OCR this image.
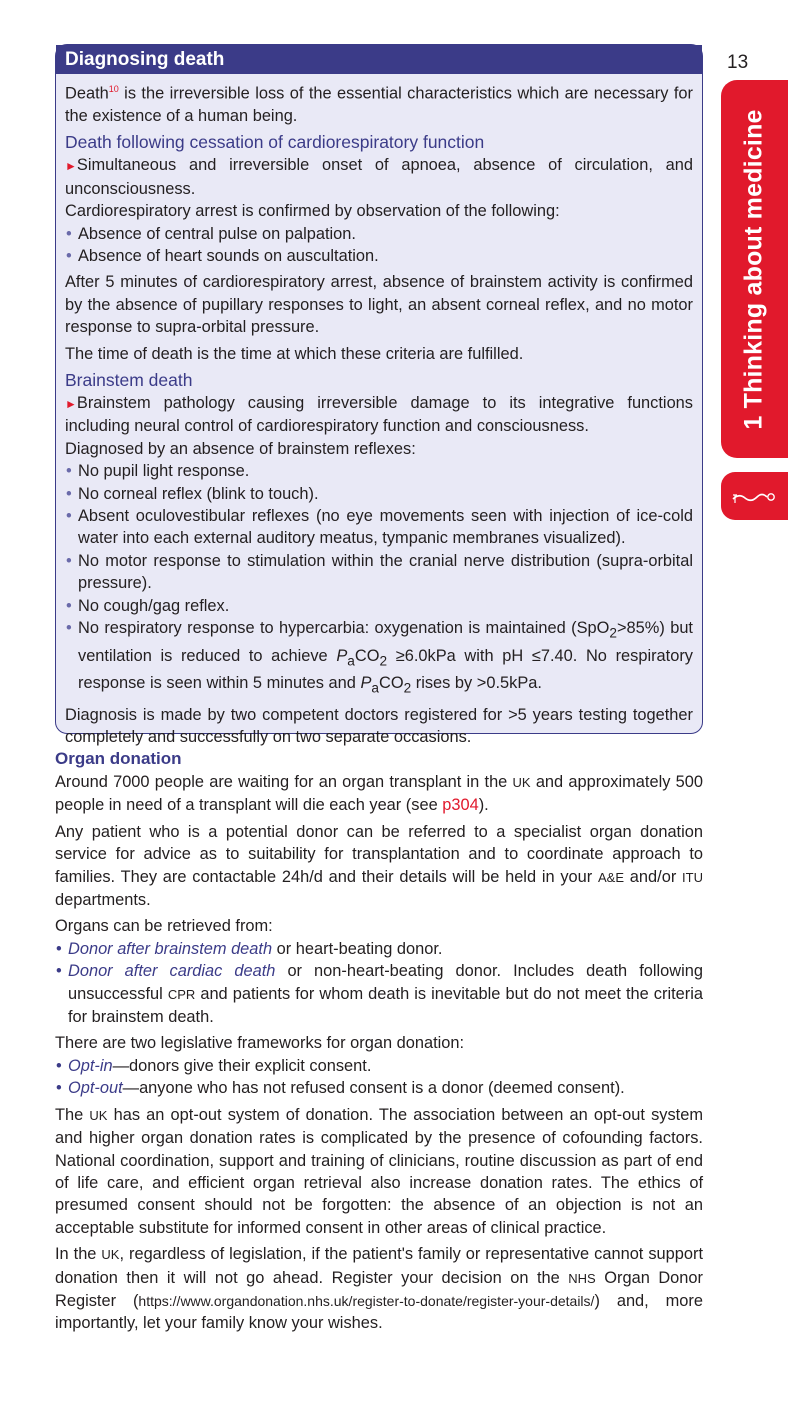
13
1 Thinking about medicine
Diagnosing death

Death$^{10}$ is the irreversible loss of the essential characteristics which are necessary for the existence of a human being.

Death following cessation of cardiorespiratory function

►Simultaneous and irreversible onset of apnoea, absence of circulation, and unconsciousness.

Cardiorespiratory arrest is confirmed by observation of the following:

• Absence of central pulse on palpation.
• Absence of heart sounds on auscultation.

After 5 minutes of cardiorespiratory arrest, absence of brainstem activity is confirmed by the absence of pupillary responses to light, an absent corneal reflex, and no motor response to supra-orbital pressure.

The time of death is the time at which these criteria are fulfilled.

Brainstem death

►Brainstem pathology causing irreversible damage to its integrative functions including neural control of cardiorespiratory function and consciousness.

Diagnosed by an absence of brainstem reflexes:

• No pupil light response.
• No corneal reflex (blink to touch).
• Absent oculovestibular reflexes (no eye movements seen with injection of ice-cold water into each external auditory meatus, tympanic membranes visualized).
• No motor response to stimulation within the cranial nerve distribution (supra-orbital pressure).
• No cough/gag reflex.
• No respiratory response to hypercarbia: oxygenation is maintained (SpO$_2$>85%) but ventilation is reduced to achieve $P_aCO_2 \ge 6.0kPa$ with pH ≤7.40. No respiratory response is seen within 5 minutes and $P_aCO_2$ rises by >0.5kPa.

Diagnosis is made by two competent doctors registered for >5 years testing together completely and successfully on two separate occasions.

Organ donation

Around 7000 people are waiting for an organ transplant in the UK and approximately 500 people in need of a transplant will die each year (see p304).

Any patient who is a potential donor can be referred to a specialist organ donation service for advice as to suitability for transplantation and to coordinate approach to families. They are contactable 24h/d and their details will be held in your A&E and/or ITU departments.

Organs can be retrieved from:

• Donor after brainstem death or heart-beating donor.
• Donor after cardiac death or non-heart-beating donor. Includes death following unsuccessful CPR and patients for whom death is inevitable but do not meet the criteria for brainstem death.

There are two legislative frameworks for organ donation:

• Opt-in—donors give their explicit consent.
• Opt-out—anyone who has not refused consent is a donor (deemed consent).

The UK has an opt-out system of donation. The association between an opt-out system and higher organ donation rates is complicated by the presence of cofounding factors. National coordination, support and training of clinicians, routine discussion as part of end of life care, and efficient organ retrieval also increase donation rates. The ethics of presumed consent should not be forgotten: the absence of an objection is not an acceptable substitute for informed consent in other areas of clinical practice.

In the UK, regardless of legislation, if the patient's family or representative cannot support donation then it will not go ahead. Register your decision on the NHS Organ Donor Register (https://www.organdonation.nhs.uk/register-to-donate/register-your-details/) and, more importantly, let your family know your wishes.
